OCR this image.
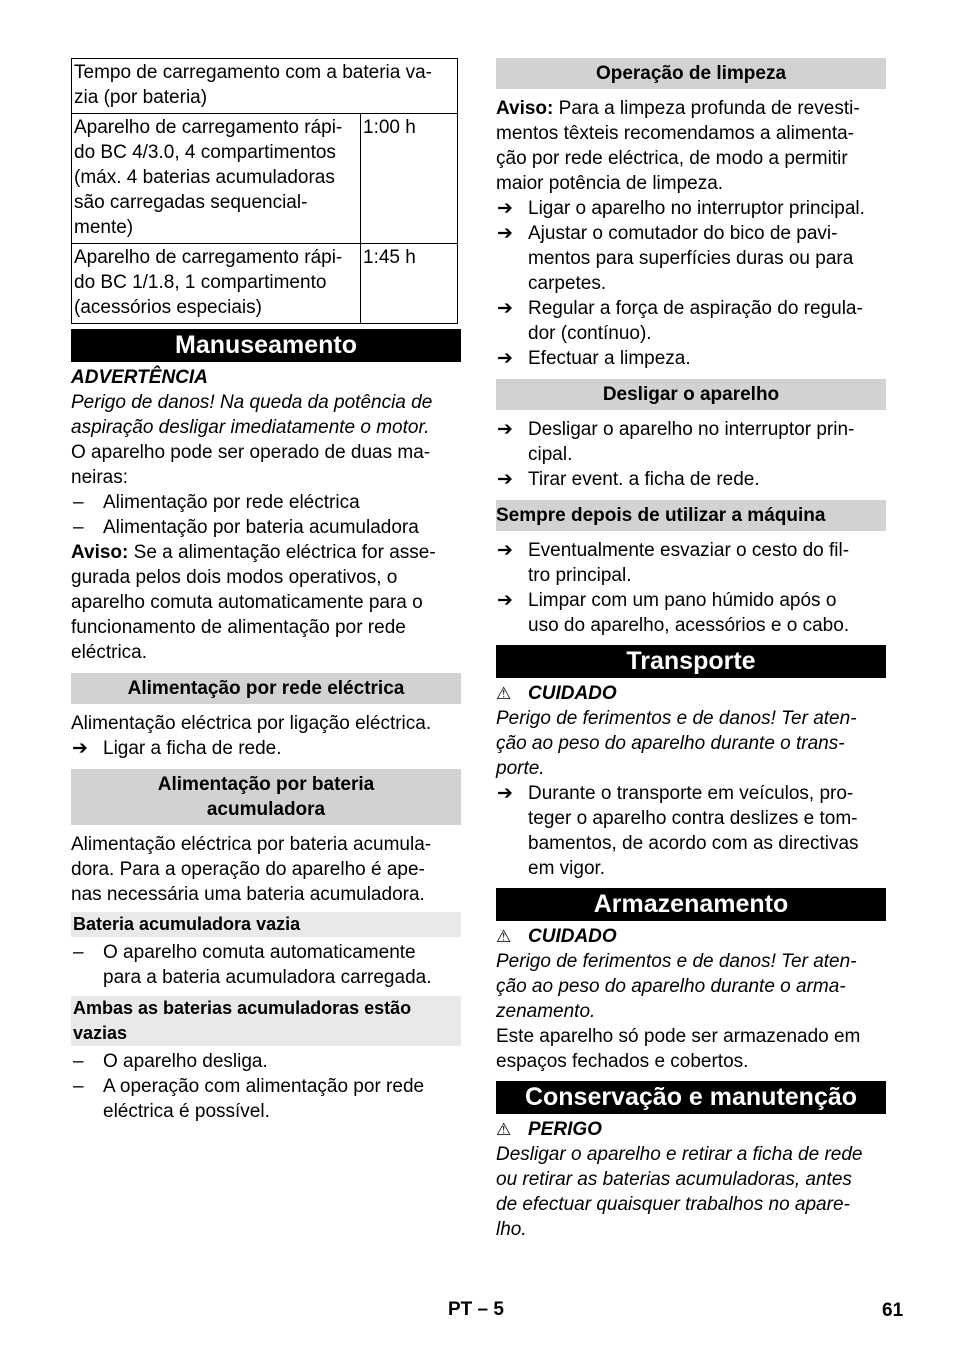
Tempo de carregamento com a bateria va-
zia (por bateria)	
Aparelho de carregamento rápi-
do BC 4/3.0, 4 compartimentos
(máx. 4 baterias acumuladoras
são carregadas sequencial-
mente)	1:00 h
Aparelho de carregamento rápi-
do BC 1/1.8, 1 compartimento
(acessórios especiais)	1:45 h
Manuseamento

ADVERTÊNCIA

Perigo de danos! Na queda da potência de
aspiração desligar imediatamente o motor.

O aparelho pode ser operado de duas ma-
neiras:

– Alimentação por rede eléctrica
– Alimentação por bateria acumuladora

Aviso: Se a alimentação eléctrica for asse-
gurada pelos dois modos operativos, o
aparelho comuta automaticamente para o
funcionamento de alimentação por rede
eléctrica.

Alimentação por rede eléctrica

Alimentação eléctrica por ligação eléctrica.

➔ Ligar a ficha de rede.
Alimentação por bateria
acumuladora

Alimentação eléctrica por bateria acumula-
dora. Para a operação do aparelho é ape-
nas necessária uma bateria acumuladora.

Bateria acumuladora vazia
– O aparelho comuta automaticamente
para a bateria acumuladora carregada.
Ambas as baterias acumuladoras estão
vazias
– O aparelho desliga.
– A operação com alimentação por rede
eléctrica é possível.
Operação de limpeza

Aviso: Para a limpeza profunda de revesti-
mentos têxteis recomendamos a alimenta-
ção por rede eléctrica, de modo a permitir
maior potência de limpeza.

➔ Ligar o aparelho no interruptor principal.
➔ Ajustar o comutador do bico de pavi-
mentos para superfícies duras ou para
carpetes.
➔ Regular a força de aspiração do regula-
dor (contínuo).
➔ Efectuar a limpeza.
Desligar o aparelho
➔ Desligar o aparelho no interruptor prin-
cipal.
➔ Tirar event. a ficha de rede.
Sempre depois de utilizar a máquina
➔ Eventualmente esvaziar o cesto do fil-
tro principal.
➔ Limpar com um pano húmido após o
uso do aparelho, acessórios e o cabo.
Transporte
⚠ CUIDADO

Perigo de ferimentos e de danos! Ter aten-
ção ao peso do aparelho durante o trans-
porte.

➔ Durante o transporte em veículos, pro-
teger o aparelho contra deslizes e tom-
bamentos, de acordo com as directivas
em vigor.
Armazenamento
⚠ CUIDADO

Perigo de ferimentos e de danos! Ter aten-
ção ao peso do aparelho durante o arma-
zenamento.

Este aparelho só pode ser armazenado em
espaços fechados e cobertos.

Conservação e manutenção
⚠ PERIGO

Desligar o aparelho e retirar a ficha de rede
ou retirar as baterias acumuladoras, antes
de efectuar quaisquer trabalhos no apare-
lho.

PT – 5	61
